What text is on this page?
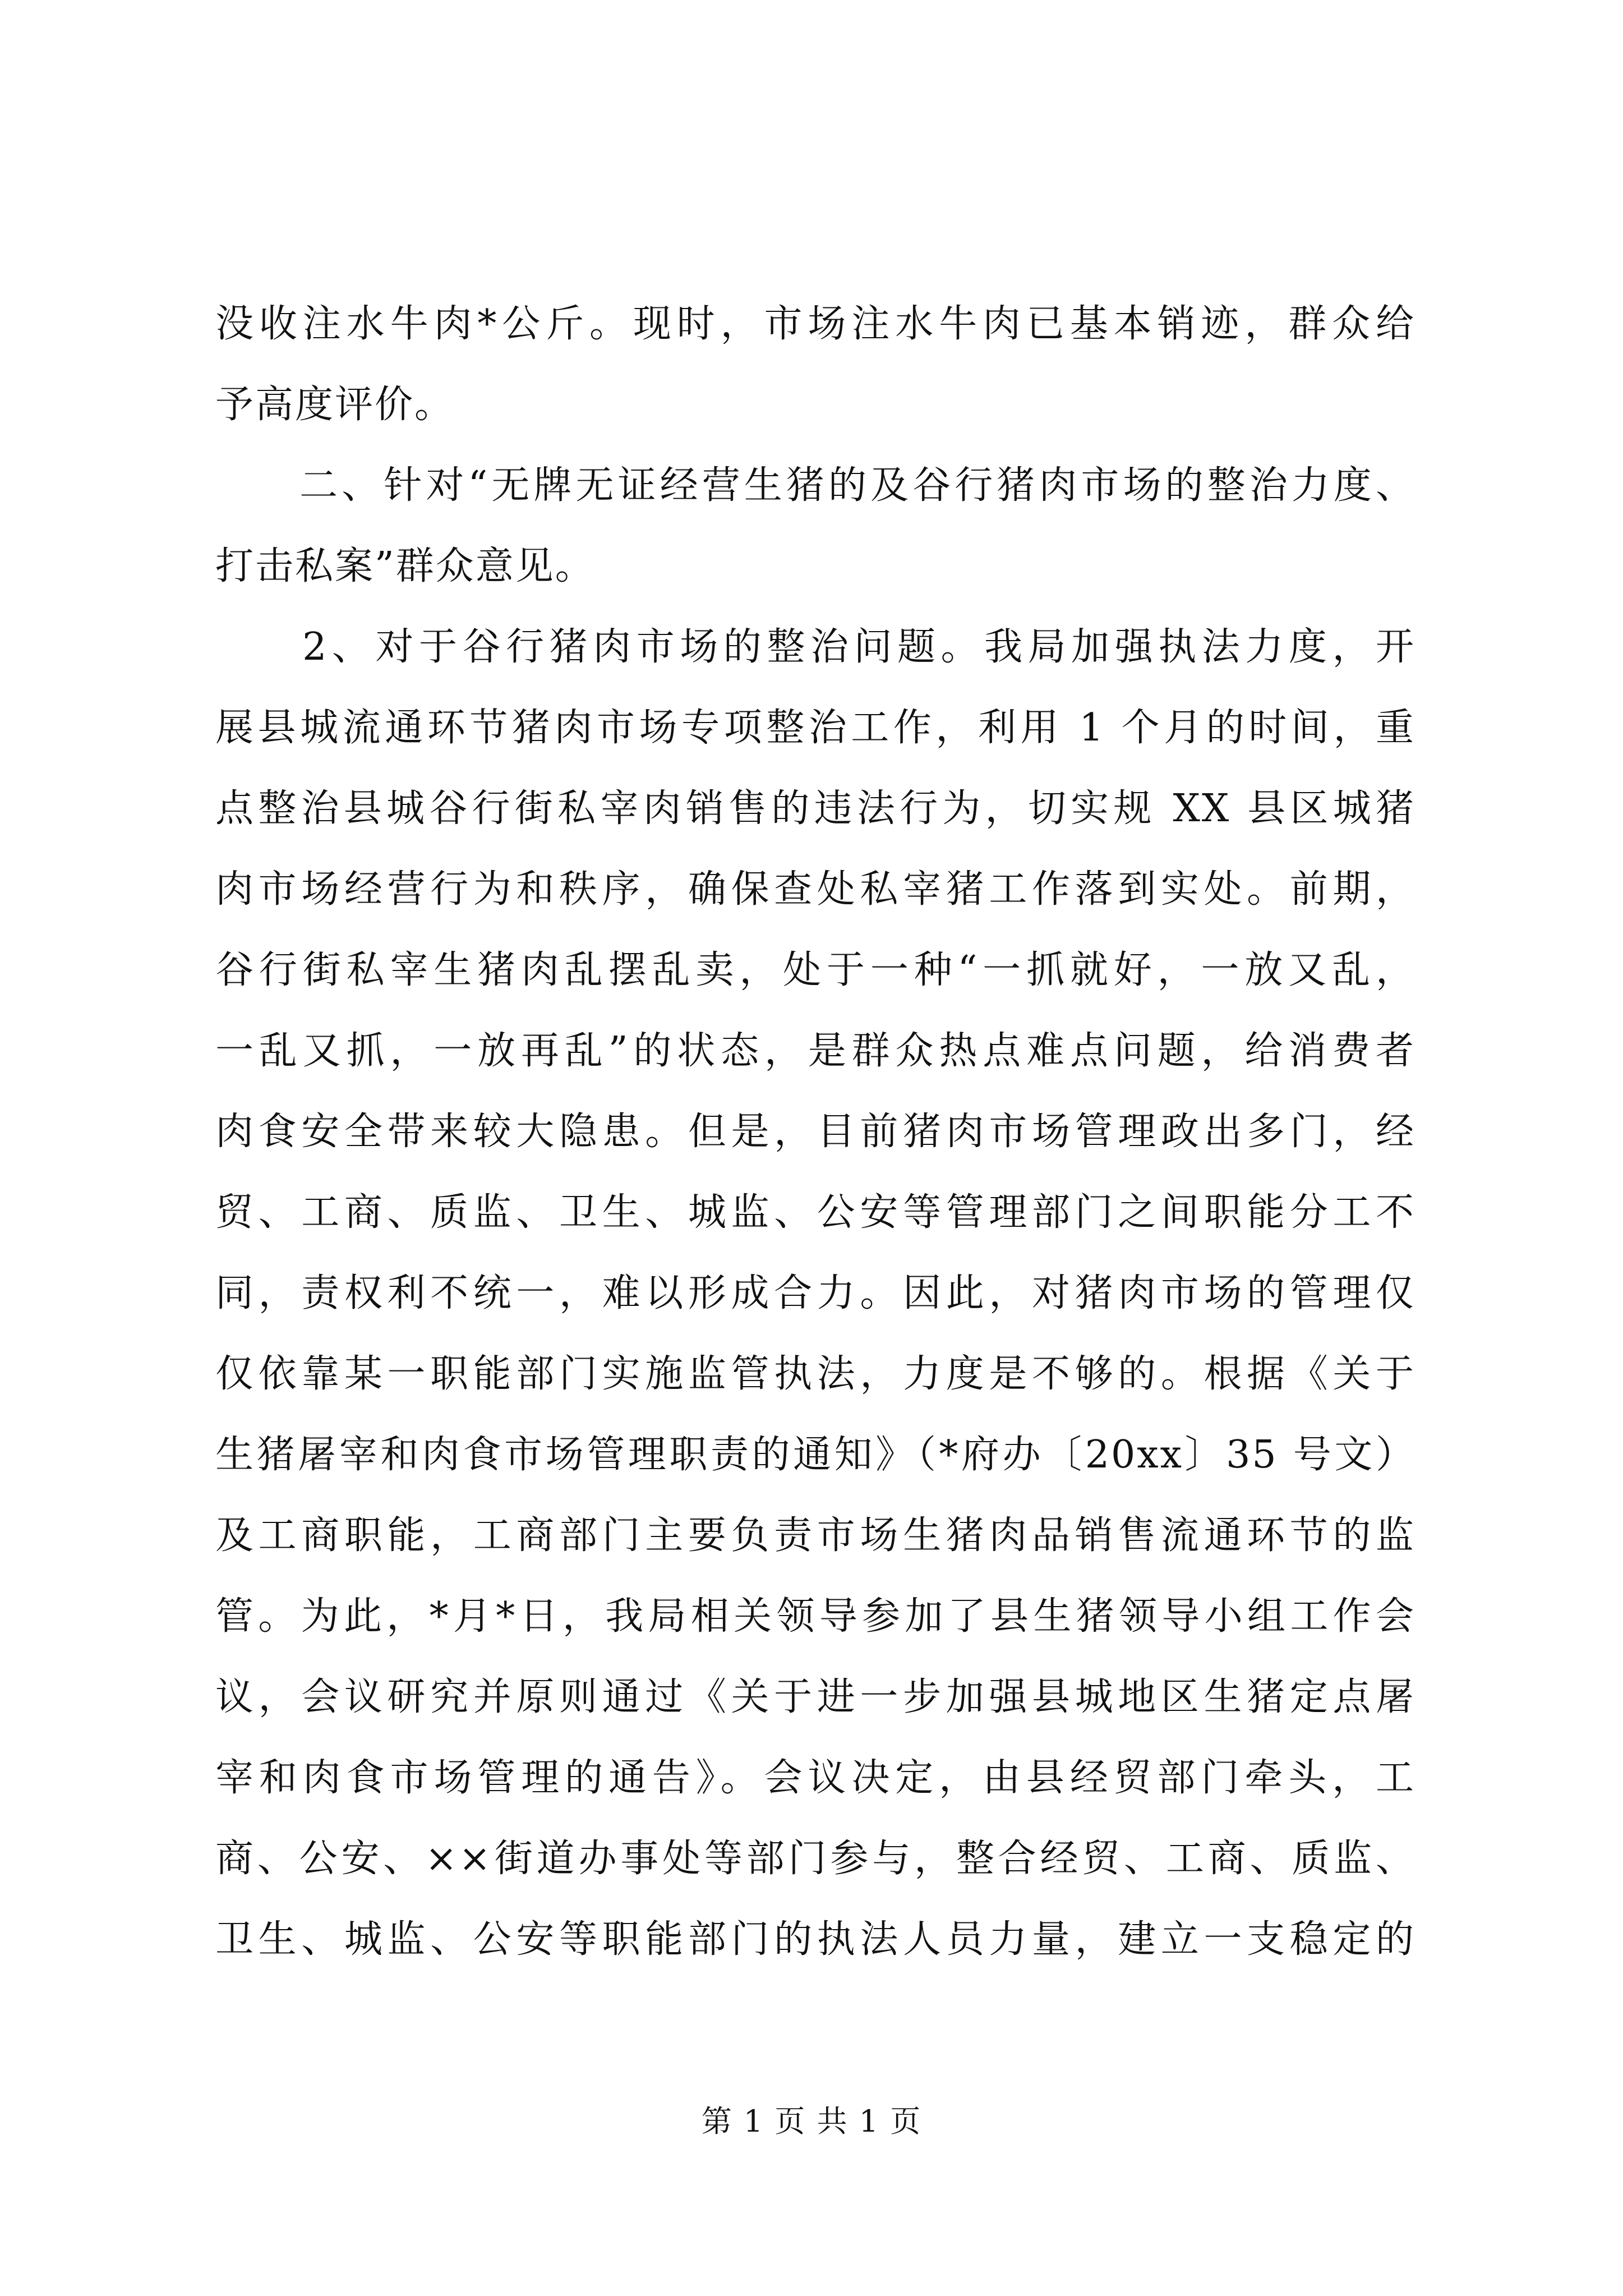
没收注水牛肉*公斤。现时，市场注水牛肉已基本销迹，群众给
予高度评价。
　　二、针对“无牌无证经营生猪的及谷行猪肉市场的整治力度、
打击私案”群众意见。
　　2、对于谷行猪肉市场的整治问题。我局加强执法力度，开
展县城流通环节猪肉市场专项整治工作，利用 1 个月的时间，重
点整治县城谷行街私宰肉销售的违法行为，切实规 XX 县区城猪
肉市场经营行为和秩序，确保查处私宰猪工作落到实处。前期，
谷行街私宰生猪肉乱摆乱卖，处于一种“一抓就好，一放又乱，
一乱又抓，一放再乱”的状态，是群众热点难点问题，给消费者
肉食安全带来较大隐患。但是，目前猪肉市场管理政出多门，经
贸、工商、质监、卫生、城监、公安等管理部门之间职能分工不
同，责权利不统一，难以形成合力。因此，对猪肉市场的管理仅
仅依靠某一职能部门实施监管执法，力度是不够的。根据《关于
生猪屠宰和肉食市场管理职责的通知》（*府办〔20xx〕35 号文）
及工商职能，工商部门主要负责市场生猪肉品销售流通环节的监
管。为此，*月*日，我局相关领导参加了县生猪领导小组工作会
议，会议研究并原则通过《关于进一步加强县城地区生猪定点屠
宰和肉食市场管理的通告》。会议决定，由县经贸部门牵头，工
商、公安、××街道办事处等部门参与，整合经贸、工商、质监、
卫生、城监、公安等职能部门的执法人员力量，建立一支稳定的
第 1 页 共 1 页
